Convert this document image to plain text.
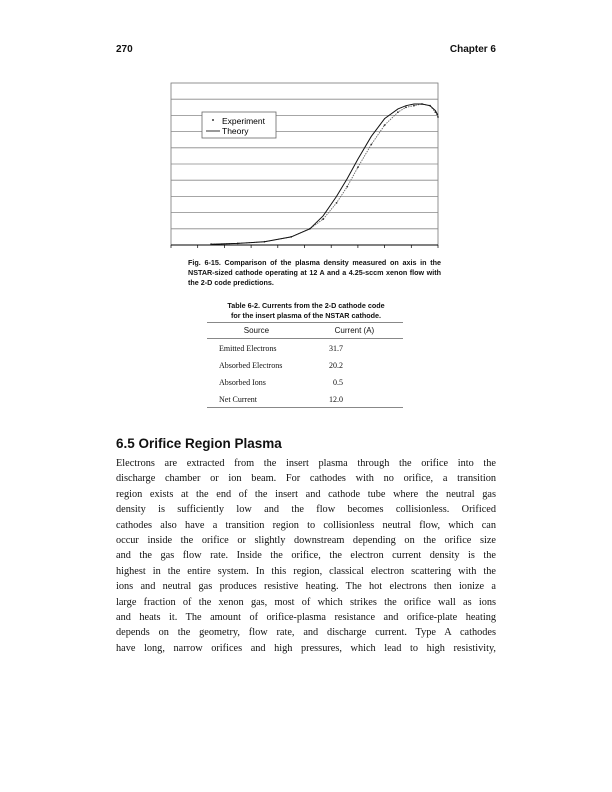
270	Chapter 6
Experiment
Theory
Fig. 6-15. Comparison of the plasma density measured on axis in the NSTAR-sized cathode operating at 12 A and a 4.25-sccm xenon flow with the 2-D code predictions.
Table 6-2. Currents from the 2-D cathode code
for the insert plasma of the NSTAR cathode.
Source	Current (A)
Emitted Electrons	31.7
Absorbed Electrons	20.2
Absorbed Ions	0.5
Net Current	12.0
6.5 Orifice Region Plasma
Electrons are extracted from the insert plasma through the orifice into the
discharge chamber or ion beam. For cathodes with no orifice, a transition
region exists at the end of the insert and cathode tube where the neutral gas
density is sufficiently low and the flow becomes collisionless. Orificed
cathodes also have a transition region to collisionless neutral flow, which can
occur inside the orifice or slightly downstream depending on the orifice size
and the gas flow rate. Inside the orifice, the electron current density is the
highest in the entire system. In this region, classical electron scattering with the
ions and neutral gas produces resistive heating. The hot electrons then ionize a
large fraction of the xenon gas, most of which strikes the orifice wall as ions
and heats it. The amount of orifice-plasma resistance and orifice-plate heating
depends on the geometry, flow rate, and discharge current. Type A cathodes
have long, narrow orifices and high pressures, which lead to high resistivity,
